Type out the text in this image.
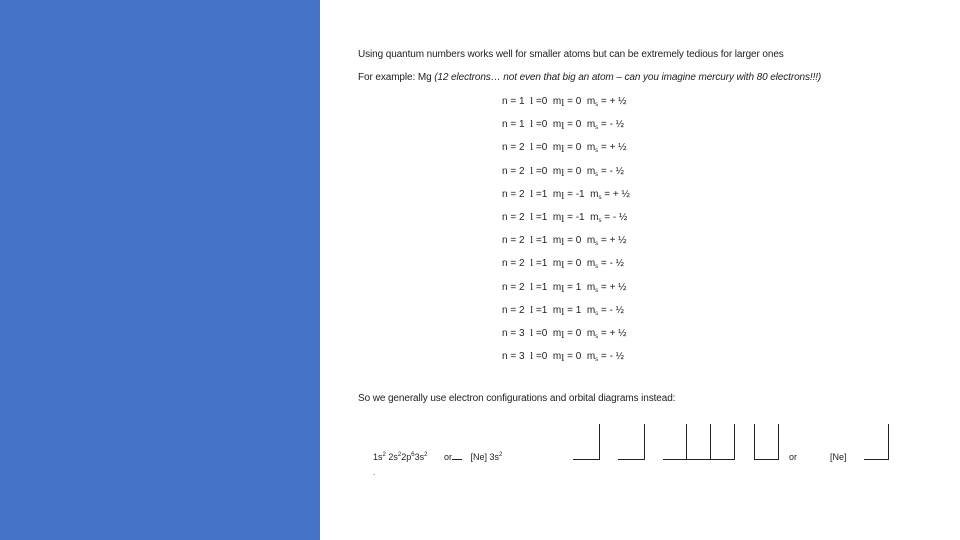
Using quantum numbers works well for smaller atoms but can be extremely tedious for larger ones
For example: Mg (12 electrons… not even that big an atom – can you imagine mercury with 80 electrons!!!)
n = 1 l =0  $m_l = 0$  $m_s$ = + ½
n = 1 l =0  $m_l = 0$  $m_s$ = - ½
n = 2 l =0  $m_l = 0$  $m_s$ = + ½
n = 2 l =0  $m_l = 0$  $m_s$ = - ½
n = 2 l =1  $m_l = -1$  $m_s$ = + ½
n = 2 l =1  $m_l = -1$  $m_s$ = - ½
n = 2 l =1  $m_l = 0$  $m_s$ = + ½
n = 2 l =1  $m_l = 0$  $m_s$ = - ½
n = 2 l =1  $m_l = 1$  $m_s$ = + ½
n = 2 l =1  $m_l = 1$  $m_s$ = - ½
n = 3 l =0  $m_l = 0$  $m_s$ = + ½
n = 3 l =0  $m_l = 0$  $m_s$ = - ½
So we generally use electron configurations and orbital diagrams instead:
$1s^2$ $2s^22p^63s^2$ or [Ne] $3s^2$
.
or	[Ne]
